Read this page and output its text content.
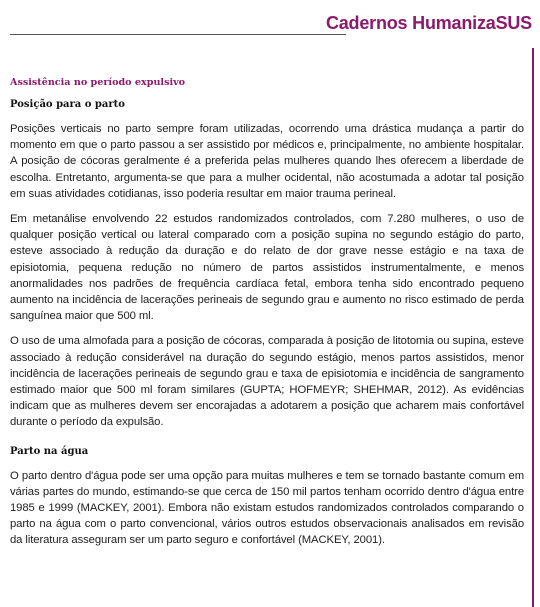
Cadernos HumanizaSUS
Assistência no período expulsivo
Posição para o parto

Posições verticais no parto sempre foram utilizadas, ocorrendo uma drástica mudança a partir do momento em que o parto passou a ser assistido por médicos e, principalmente, no ambiente hospitalar. A posição de cócoras geralmente é a preferida pelas mulheres quando lhes oferecem a liberdade de escolha. Entretanto, argumenta-se que para a mulher ocidental, não acostumada a adotar tal posição em suas atividades cotidianas, isso poderia resultar em maior trauma perineal.

Em metanálise envolvendo 22 estudos randomizados controlados, com 7.280 mulheres, o uso de qualquer posição vertical ou lateral comparado com a posição supina no segundo estágio do parto, esteve associado à redução da duração e do relato de dor grave nesse estágio e na taxa de episiotomia, pequena redução no número de partos assistidos instrumentalmente, e menos anormalidades nos padrões de frequência cardíaca fetal, embora tenha sido encontrado pequeno aumento na incidência de lacerações perineais de segundo grau e aumento no risco estimado de perda sanguínea maior que 500 ml.

O uso de uma almofada para a posição de cócoras, comparada à posição de litotomia ou supina, esteve associado à redução considerável na duração do segundo estágio, menos partos assistidos, menor incidência de lacerações perineais de segundo grau e taxa de episiotomia e incidência de sangramento estimado maior que 500 ml foram similares (GUPTA; HOFMEYR; SHEHMAR, 2012). As evidências indicam que as mulheres devem ser encorajadas a adotarem a posição que acharem mais confortável durante o período da expulsão.

Parto na água

O parto dentro d'água pode ser uma opção para muitas mulheres e tem se tornado bastante comum em várias partes do mundo, estimando-se que cerca de 150 mil partos tenham ocorrido dentro d'água entre 1985 e 1999 (MACKEY, 2001). Embora não existam estudos randomizados controlados comparando o parto na água com o parto convencional, vários outros estudos observacionais analisados em revisão da literatura asseguram ser um parto seguro e confortável (MACKEY, 2001).
